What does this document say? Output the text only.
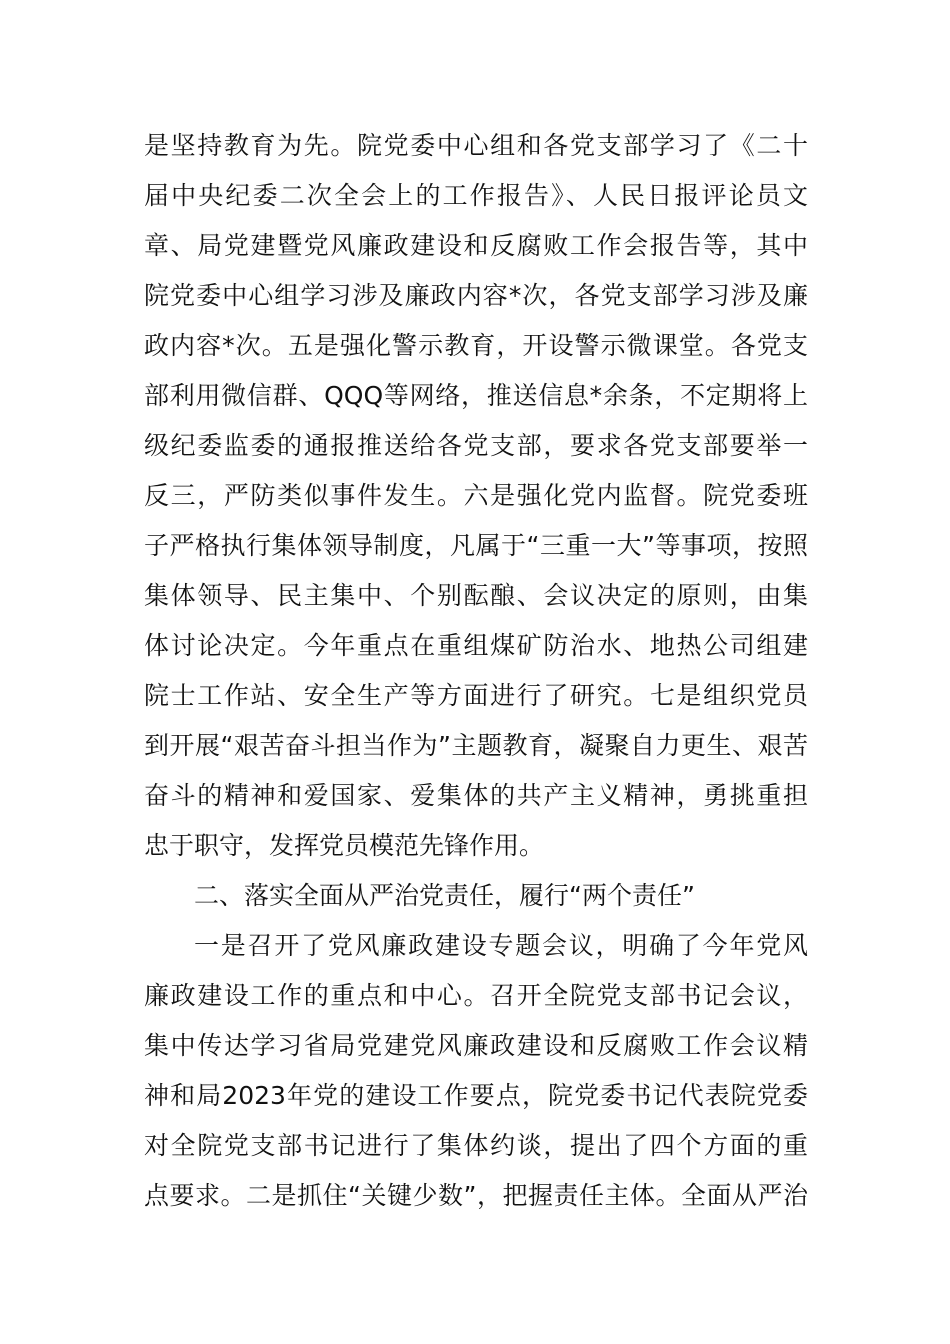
是坚持教育为先。院党委中心组和各党支部学习了《二十
届中央纪委二次全会上的工作报告》、人民日报评论员文
章、局党建暨党风廉政建设和反腐败工作会报告等，其中
院党委中心组学习涉及廉政内容*次，各党支部学习涉及廉
政内容*次。五是强化警示教育，开设警示微课堂。各党支
部利用微信群、QQQ等网络，推送信息*余条，不定期将上
级纪委监委的通报推送给各党支部，要求各党支部要举一
反三，严防类似事件发生。六是强化党内监督。院党委班
子严格执行集体领导制度，凡属于“三重一大”等事项，按照
集体领导、民主集中、个别酝酿、会议决定的原则，由集
体讨论决定。今年重点在重组煤矿防治水、地热公司组建
院士工作站、安全生产等方面进行了研究。七是组织党员
到开展“艰苦奋斗担当作为”主题教育，凝聚自力更生、艰苦
奋斗的精神和爱国家、爱集体的共产主义精神，勇挑重担
忠于职守，发挥党员模范先锋作用。
二、落实全面从严治党责任，履行“两个责任”
一是召开了党风廉政建设专题会议，明确了今年党风
廉政建设工作的重点和中心。召开全院党支部书记会议，
集中传达学习省局党建党风廉政建设和反腐败工作会议精
神和局2023年党的建设工作要点，院党委书记代表院党委
对全院党支部书记进行了集体约谈，提出了四个方面的重
点要求。二是抓住“关键少数”，把握责任主体。全面从严治
